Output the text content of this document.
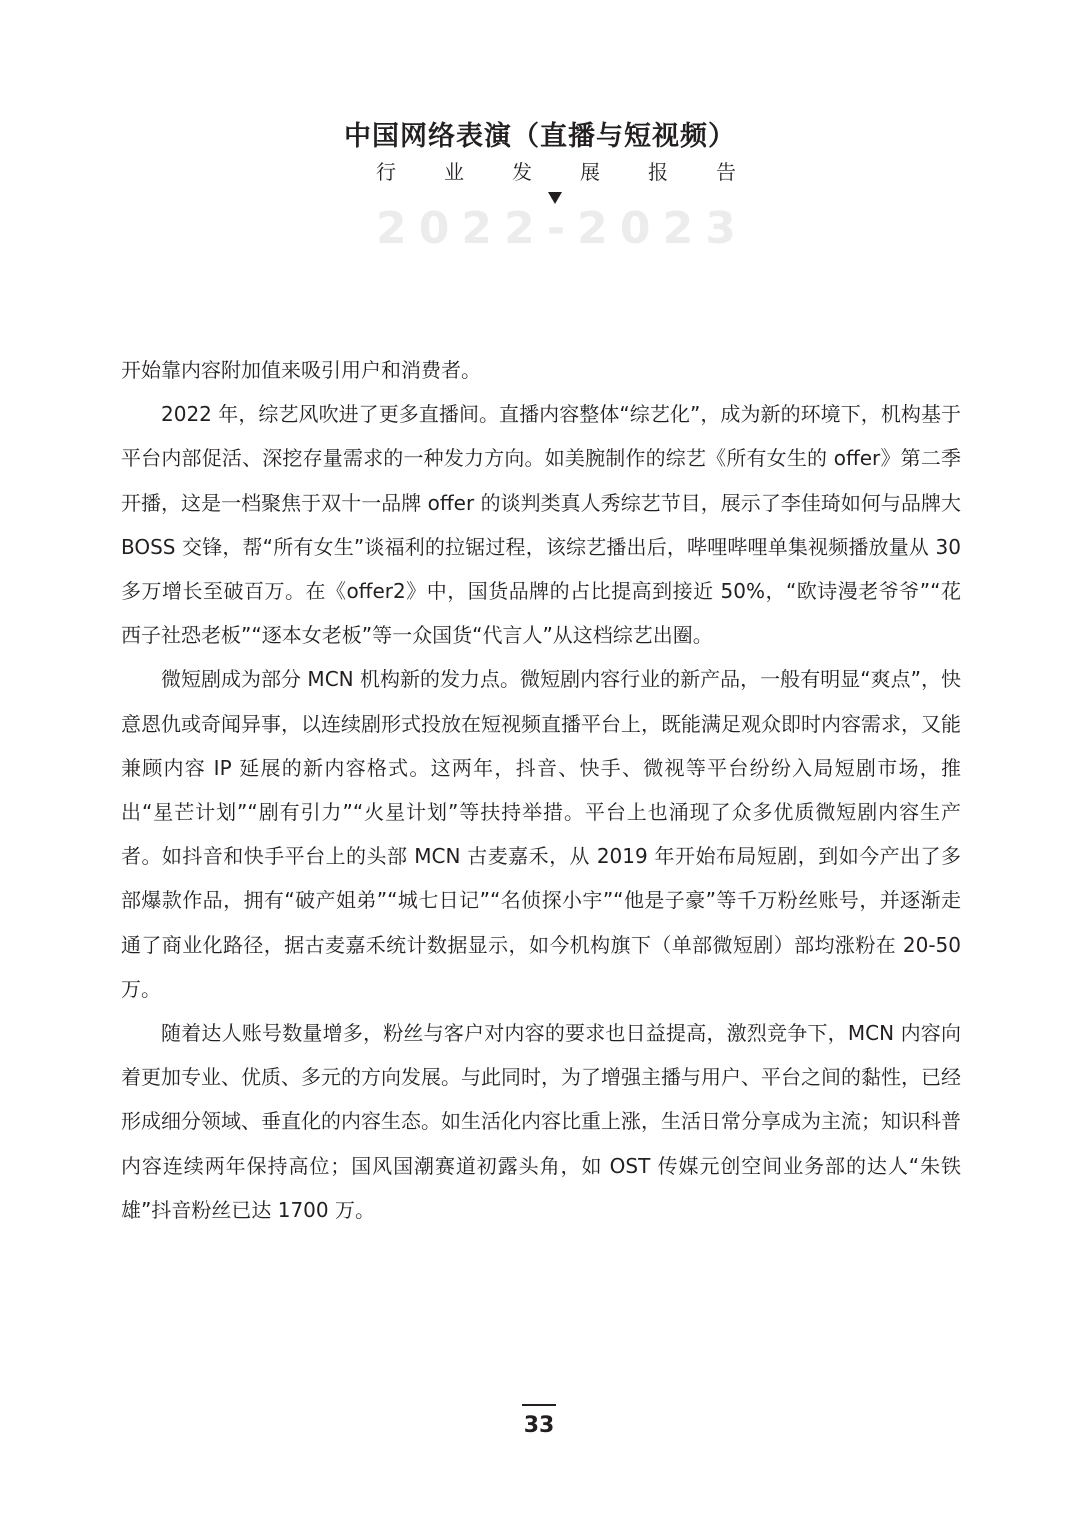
中国网络表演（直播与短视频）
行 业 发 展 报 告
2 0 2 2 - 2 0 2 3

开始靠内容附加值来吸引用户和消费者。

2022 年，综艺风吹进了更多直播间。直播内容整体“综艺化”，成为新的环境下，机构基于平台内部促活、深挖存量需求的一种发力方向。如美腕制作的综艺《所有女生的 offer》第二季开播，这是一档聚焦于双十一品牌 offer 的谈判类真人秀综艺节目，展示了李佳琦如何与品牌大 BOSS 交锋，帮“所有女生”谈福利的拉锯过程，该综艺播出后，哔哩哔哩单集视频播放量从 30 多万增长至破百万。在《offer2》中，国货品牌的占比提高到接近 50%，“欧诗漫老爷爷”“花西子社恐老板”“逐本女老板”等一众国货“代言人”从这档综艺出圈。

微短剧成为部分 MCN 机构新的发力点。微短剧内容行业的新产品，一般有明显“爽点”，快意恩仇或奇闻异事，以连续剧形式投放在短视频直播平台上，既能满足观众即时内容需求，又能兼顾内容 IP 延展的新内容格式。这两年，抖音、快手、微视等平台纷纷入局短剧市场，推出“星芒计划”“剧有引力”“火星计划”等扶持举措。平台上也涌现了众多优质微短剧内容生产者。如抖音和快手平台上的头部 MCN 古麦嘉禾，从 2019 年开始布局短剧，到如今产出了多部爆款作品，拥有“破产姐弟”“城七日记”“名侦探小宇”“他是子豪”等千万粉丝账号，并逐渐走通了商业化路径，据古麦嘉禾统计数据显示，如今机构旗下（单部微短剧）部均涨粉在 20-50 万。

随着达人账号数量增多，粉丝与客户对内容的要求也日益提高，激烈竞争下，MCN 内容向着更加专业、优质、多元的方向发展。与此同时，为了增强主播与用户、平台之间的黏性，已经形成细分领域、垂直化的内容生态。如生活化内容比重上涨，生活日常分享成为主流；知识科普内容连续两年保持高位；国风国潮赛道初露头角，如 OST 传媒元创空间业务部的达人“朱铁雄”抖音粉丝已达 1700 万。

33
